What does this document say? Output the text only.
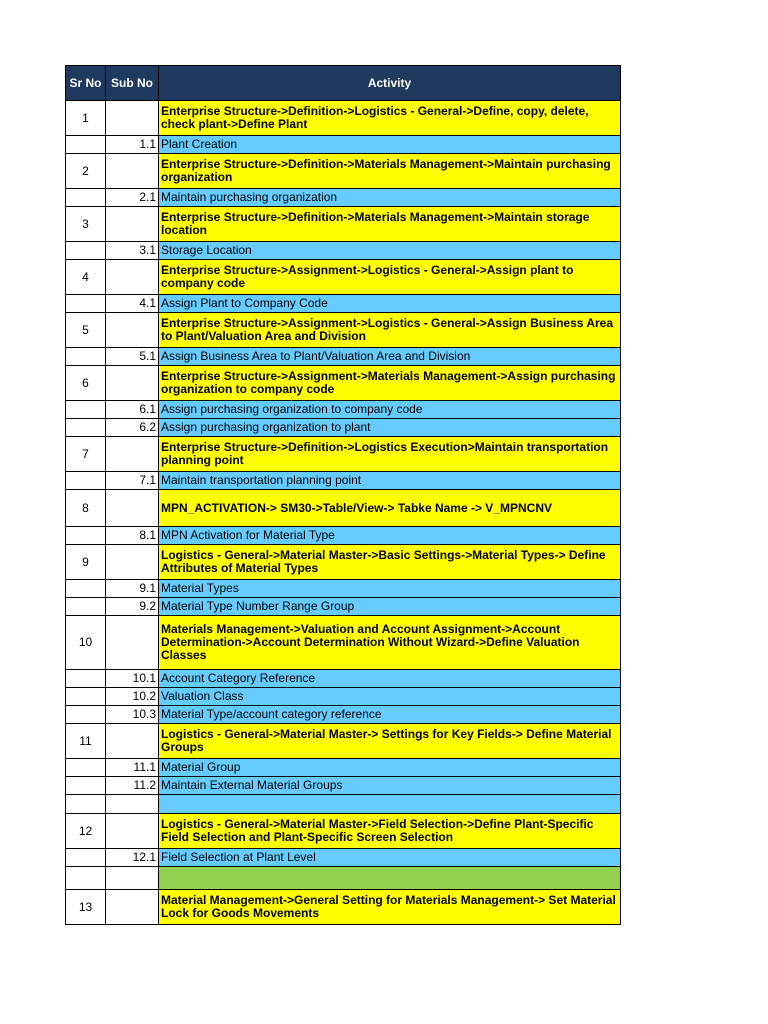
Sr No	Sub No	Activity
1		Enterprise Structure->Definition->Logistics - General->Define, copy, delete, check plant->Define Plant
	1.1	Plant Creation
2		Enterprise Structure->Definition->Materials Management->Maintain purchasing organization
	2.1	Maintain purchasing organization
3		Enterprise Structure->Definition->Materials Management->Maintain storage location
	3.1	Storage Location
4		Enterprise Structure->Assignment->Logistics - General->Assign plant to company code
	4.1	Assign Plant to Company Code
5		Enterprise Structure->Assignment->Logistics - General->Assign Business Area to Plant/Valuation Area and Division
	5.1	Assign Business Area to Plant/Valuation Area and Division
6		Enterprise Structure->Assignment->Materials Management->Assign purchasing organization to company code
	6.1	Assign purchasing organization to company code
	6.2	Assign purchasing organization to plant
7		Enterprise Structure->Definition->Logistics Execution>Maintain transportation planning point
	7.1	Maintain transportation planning point
8		MPN_ACTIVATION-> SM30->Table/View-> Tabke Name -> V_MPNCNV
	8.1	MPN Activation for Material Type
9		Logistics - General->Material Master->Basic Settings->Material Types-> Define Attributes of Material Types
	9.1	Material Types
	9.2	Material Type Number Range Group
10		Materials Management->Valuation and Account Assignment->Account Determination->Account Determination Without Wizard->Define Valuation Classes
	10.1	Account Category Reference
	10.2	Valuation Class
	10.3	Material Type/account category reference
11		Logistics - General->Material Master-> Settings for Key Fields-> Define Material Groups
	11.1	Material Group
	11.2	Maintain External Material Groups

12		Logistics - General->Material Master->Field Selection->Define Plant-Specific Field Selection and Plant-Specific Screen Selection
	12.1	Field Selection at Plant Level

13		Material Management->General Setting for Materials Management-> Set Material Lock for Goods Movements
